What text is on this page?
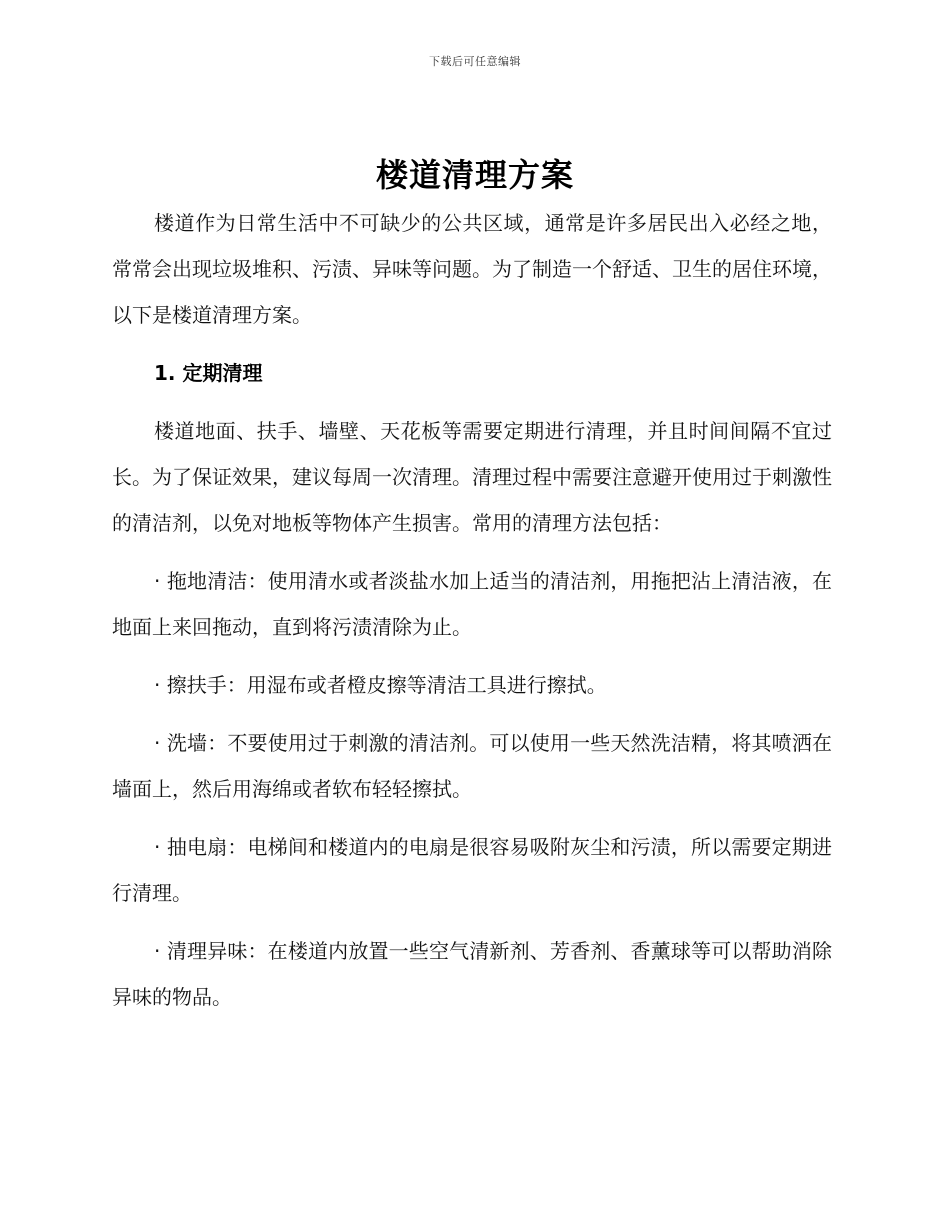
下载后可任意编辑
楼道清理方案

楼道作为日常生活中不可缺少的公共区域，通常是许多居民出入必经之地，常常会出现垃圾堆积、污渍、异味等问题。为了制造一个舒适、卫生的居住环境，以下是楼道清理方案。

1. 定期清理

楼道地面、扶手、墙壁、天花板等需要定期进行清理，并且时间间隔不宜过长。为了保证效果，建议每周一次清理。清理过程中需要注意避开使用过于刺激性的清洁剂，以免对地板等物体产生损害。常用的清理方法包括：

· 拖地清洁：使用清水或者淡盐水加上适当的清洁剂，用拖把沾上清洁液，在地面上来回拖动，直到将污渍清除为止。

· 擦扶手：用湿布或者橙皮擦等清洁工具进行擦拭。

· 洗墙：不要使用过于刺激的清洁剂。可以使用一些天然洗洁精，将其喷洒在墙面上，然后用海绵或者软布轻轻擦拭。

· 抽电扇：电梯间和楼道内的电扇是很容易吸附灰尘和污渍，所以需要定期进行清理。

· 清理异味：在楼道内放置一些空气清新剂、芳香剂、香薰球等可以帮助消除异味的物品。
